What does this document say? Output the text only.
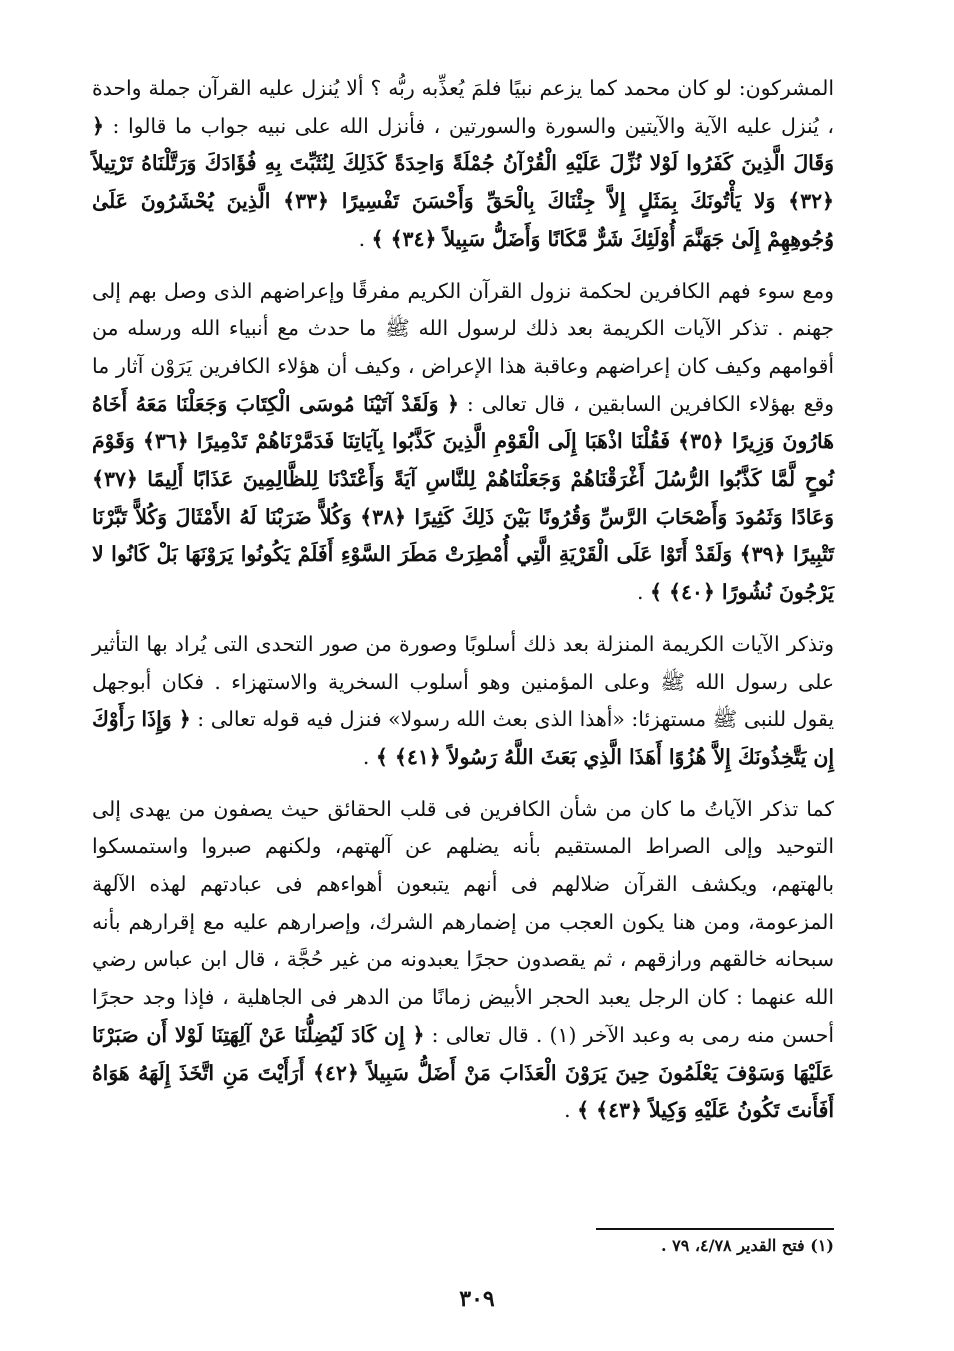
المشركون: لو كان محمد كما يزعم نبيًا فلمَ يُعذِّبه ربُّه ؟ ألا يُنزل عليه القرآن جملة واحدة ، يُنزل عليه الآية والآيتين والسورة والسورتين ، فأنزل الله على نبيه جواب ما قالوا :

﴿ وَقَالَ الَّذِينَ كَفَرُوا لَوْلا نُزِّلَ عَلَيْهِ الْقُرْآنُ جُمْلَةً وَاحِدَةً كَذَلِكَ لِنُثَبِّتَ بِهِ فُؤَادَكَ وَرَتَّلْنَاهُ تَرْتِيلاً ﴿٣٢﴾ وَلا يَأْتُونَكَ بِمَثَلٍ إِلاَّ جِئْنَاكَ بِالْحَقِّ وَأَحْسَنَ تَفْسِيرًا ﴿٣٣﴾ الَّذِينَ يُحْشَرُونَ عَلَىٰ وُجُوهِهِمْ إِلَىٰ جَهَنَّمَ أُوْلَئِكَ شَرٌّ مَّكَانًا وَأَضَلُّ سَبِيلاً ﴿٣٤﴾ ﴾

.

ومع سوء فهم الكافرين لحكمة نزول القرآن الكريم مفرقًا وإعراضهم الذى وصل بهم إلى جهنم . تذكر الآيات الكريمة بعد ذلك لرسول الله ﷺ ما حدث مع أنبياء الله ورسله من أقوامهم وكيف كان إعراضهم وعاقبة هذا الإعراض ، وكيف أن هؤلاء الكافرين يَرَوْن آثار ما وقع بهؤلاء الكافرين السابقين ، قال تعالى :

﴿ وَلَقَدْ آتَيْنَا مُوسَى الْكِتَابَ وَجَعَلْنَا مَعَهُ أَخَاهُ هَارُونَ وَزِيرًا ﴿٣٥﴾ فَقُلْنَا اذْهَبَا إِلَى الْقَوْمِ الَّذِينَ كَذَّبُوا بِآيَاتِنَا فَدَمَّرْنَاهُمْ تَدْمِيرًا ﴿٣٦﴾ وَقَوْمَ نُوحٍ لَّمَّا كَذَّبُوا الرُّسُلَ أَغْرَقْنَاهُمْ وَجَعَلْنَاهُمْ لِلنَّاسِ آيَةً وَأَعْتَدْنَا لِلظَّالِمِينَ عَذَابًا أَلِيمًا ﴿٣٧﴾ وَعَادًا وَثَمُودَ وَأَصْحَابَ الرَّسِّ وَقُرُونًا بَيْنَ ذَلِكَ كَثِيرًا ﴿٣٨﴾ وَكُلاًّ ضَرَبْنَا لَهُ الأَمْثَالَ وَكُلاًّ تَبَّرْنَا تَتْبِيرًا ﴿٣٩﴾ وَلَقَدْ أَتَوْا عَلَى الْقَرْيَةِ الَّتِي أُمْطِرَتْ مَطَرَ السَّوْءِ أَفَلَمْ يَكُونُوا يَرَوْنَهَا بَلْ كَانُوا لا يَرْجُونَ نُشُورًا ﴿٤٠﴾ ﴾

.

وتذكر الآيات الكريمة المنزلة بعد ذلك أسلوبًا وصورة من صور التحدى التى يُراد بها التأثير على رسول الله ﷺ وعلى المؤمنين وهو أسلوب السخرية والاستهزاء . فكان أبوجهل يقول للنبى ﷺ مستهزئا: «أهذا الذى بعث الله رسولا» فنزل فيه قوله تعالى :

﴿ وَإِذَا رَأَوْكَ إِن يَتَّخِذُونَكَ إِلاَّ هُزُوًا أَهَذَا الَّذِي بَعَثَ اللَّهُ رَسُولاً ﴿٤١﴾ ﴾

.

كما تذكر الآياتُ ما كان من شأن الكافرين فى قلب الحقائق حيث يصفون من يهدى إلى التوحيد وإلى الصراط المستقيم بأنه يضلهم عن آلهتهم، ولكنهم صبروا واستمسكوا بالهتهم، ويكشف القرآن ضلالهم فى أنهم يتبعون أهواءهم فى عبادتهم لهذه الآلهة المزعومة، ومن هنا يكون العجب من إضمارهم الشرك، وإصرارهم عليه مع إقرارهم بأنه سبحانه خالقهم ورازقهم ، ثم يقصدون حجرًا يعبدونه من غير حُجَّة ، قال ابن عباس رضي الله عنهما : كان الرجل يعبد الحجر الأبيض زمانًا من الدهر فى الجاهلية ، فإذا وجد حجرًا أحسن منه رمى به وعبد الآخر (١) . قال تعالى :

﴿ إِن كَادَ لَيُضِلُّنَا عَنْ آلِهَتِنَا لَوْلا أَن صَبَرْنَا عَلَيْهَا وَسَوْفَ يَعْلَمُونَ حِينَ يَرَوْنَ الْعَذَابَ مَنْ أَضَلُّ سَبِيلاً ﴿٤٢﴾ أَرَأَيْتَ مَنِ اتَّخَذَ إِلَهَهُ هَوَاهُ أَفَأَنتَ تَكُونُ عَلَيْهِ وَكِيلاً ﴿٤٣﴾ ﴾

.

(١) فتح القدير ٤/٧٨، ٧٩ .
٣٠٩
